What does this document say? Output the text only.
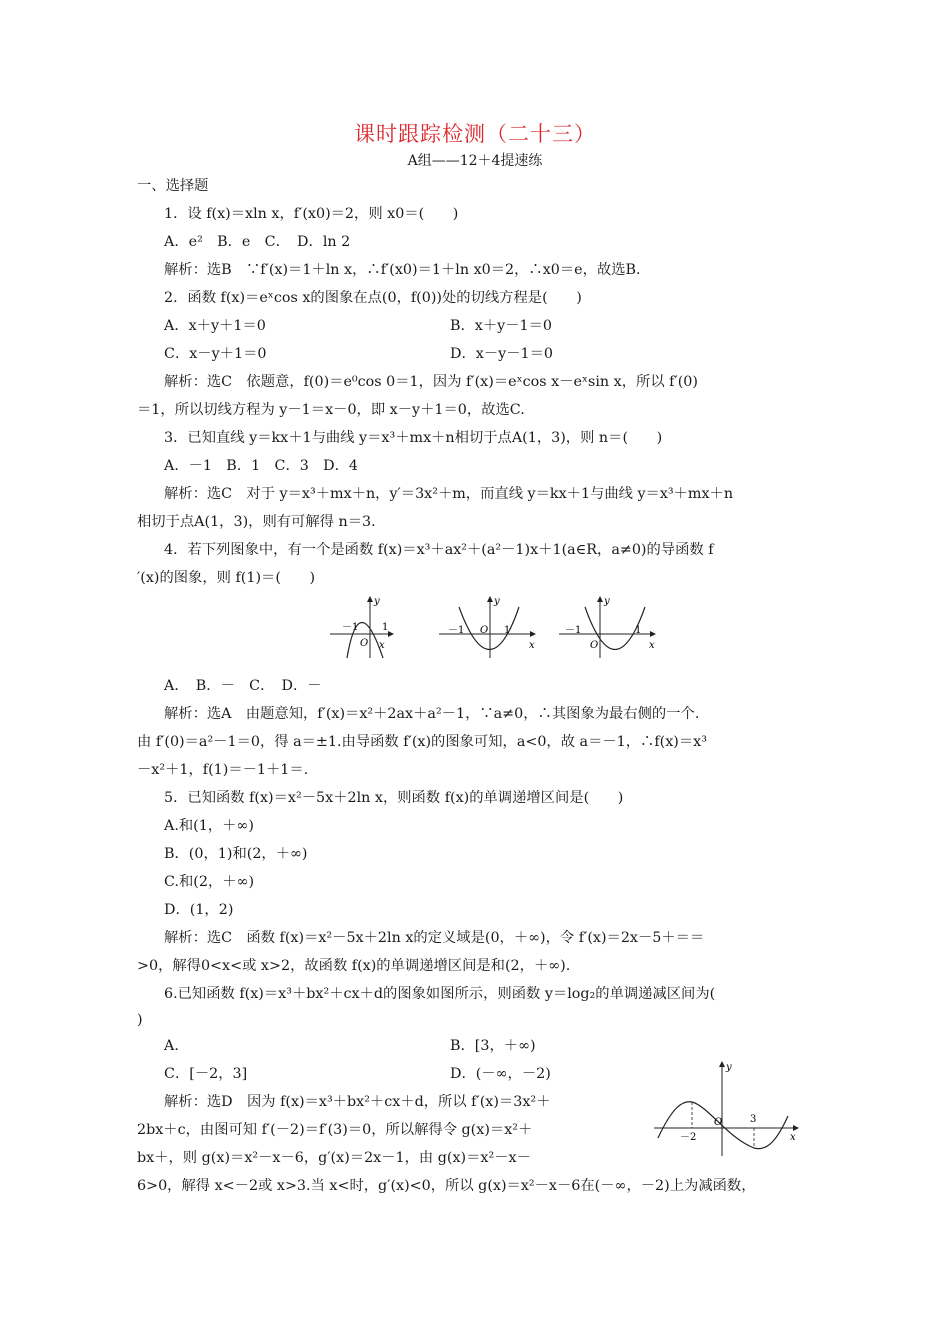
课时跟踪检测（二十三）
A组——12＋4提速练
一、选择题
1．设 f(x)＝xln x，f′(x0)＝2，则 x0＝(　　)
A．e²　B．e　C．　D．ln 2
解析：选B　∵f′(x)＝1＋ln x，∴f′(x0)＝1＋ln x0＝2，∴x0＝e，故选B.
2．函数 f(x)＝eˣcos x的图象在点(0，f(0))处的切线方程是(　　)
A．x＋y＋1＝0	B．x＋y－1＝0
C．x－y＋1＝0	D．x－y－1＝0
解析：选C　依题意，f(0)＝e⁰cos 0＝1，因为 f′(x)＝eˣcos x－eˣsin x，所以 f′(0)
＝1，所以切线方程为 y－1＝x－0，即 x－y＋1＝0，故选C.
3．已知直线 y＝kx＋1与曲线 y＝x³＋mx＋n相切于点A(1，3)，则 n＝(　　)
A．－1　B．1　C．3　D．4
解析：选C　对于 y＝x³＋mx＋n，y′＝3x²＋m，而直线 y＝kx＋1与曲线 y＝x³＋mx＋n
相切于点A(1，3)，则有可解得 n＝3.
4．若下列图象中，有一个是函数 f(x)＝x³＋ax²＋(a²－1)x＋1(a∈R，a≠0)的导函数 f
′(x)的图象，则 f(1)＝(　　)
y
x
O
－1 1
y
x
O
－1	1
y
x
O
－1	1
A．　B．－　C．　D．－
解析：选A　由题意知，f′(x)＝x²＋2ax＋a²－1，∵a≠0，∴其图象为最右侧的一个.
由 f′(0)＝a²－1＝0，得 a＝±1.由导函数 f′(x)的图象可知，a<0，故 a＝－1，∴f(x)＝x³
－x²＋1，f(1)＝－1＋1＝.
5．已知函数 f(x)＝x²－5x＋2ln x，则函数 f(x)的单调递增区间是(　　)
A.和(1，＋∞)
B．(0，1)和(2，＋∞)
C.和(2，＋∞)
D．(1，2)
解析：选C　函数 f(x)＝x²－5x＋2ln x的定义域是(0，＋∞)，令 f′(x)＝2x－5＋＝＝
>0，解得0<x<或 x>2，故函数 f(x)的单调递增区间是和(2，＋∞).
6.已知函数 f(x)＝x³＋bx²＋cx＋d的图象如图所示，则函数 y＝log₂的单调递减区间为(
)
A.	B．[3，＋∞)
C．[－2，3]	D．(－∞，－2)
解析：选D　因为 f(x)＝x³＋bx²＋cx＋d，所以 f′(x)＝3x²＋
2bx＋c，由图可知 f′(－2)＝f′(3)＝0，所以解得令 g(x)＝x²＋
bx＋，则 g(x)＝x²－x－6，g′(x)＝2x－1，由 g(x)＝x²－x－
6>0，解得 x<－2或 x>3.当 x<时，g′(x)<0，所以 g(x)＝x²－x－6在(－∞，－2)上为减函数，
y
x
O
－2
3
